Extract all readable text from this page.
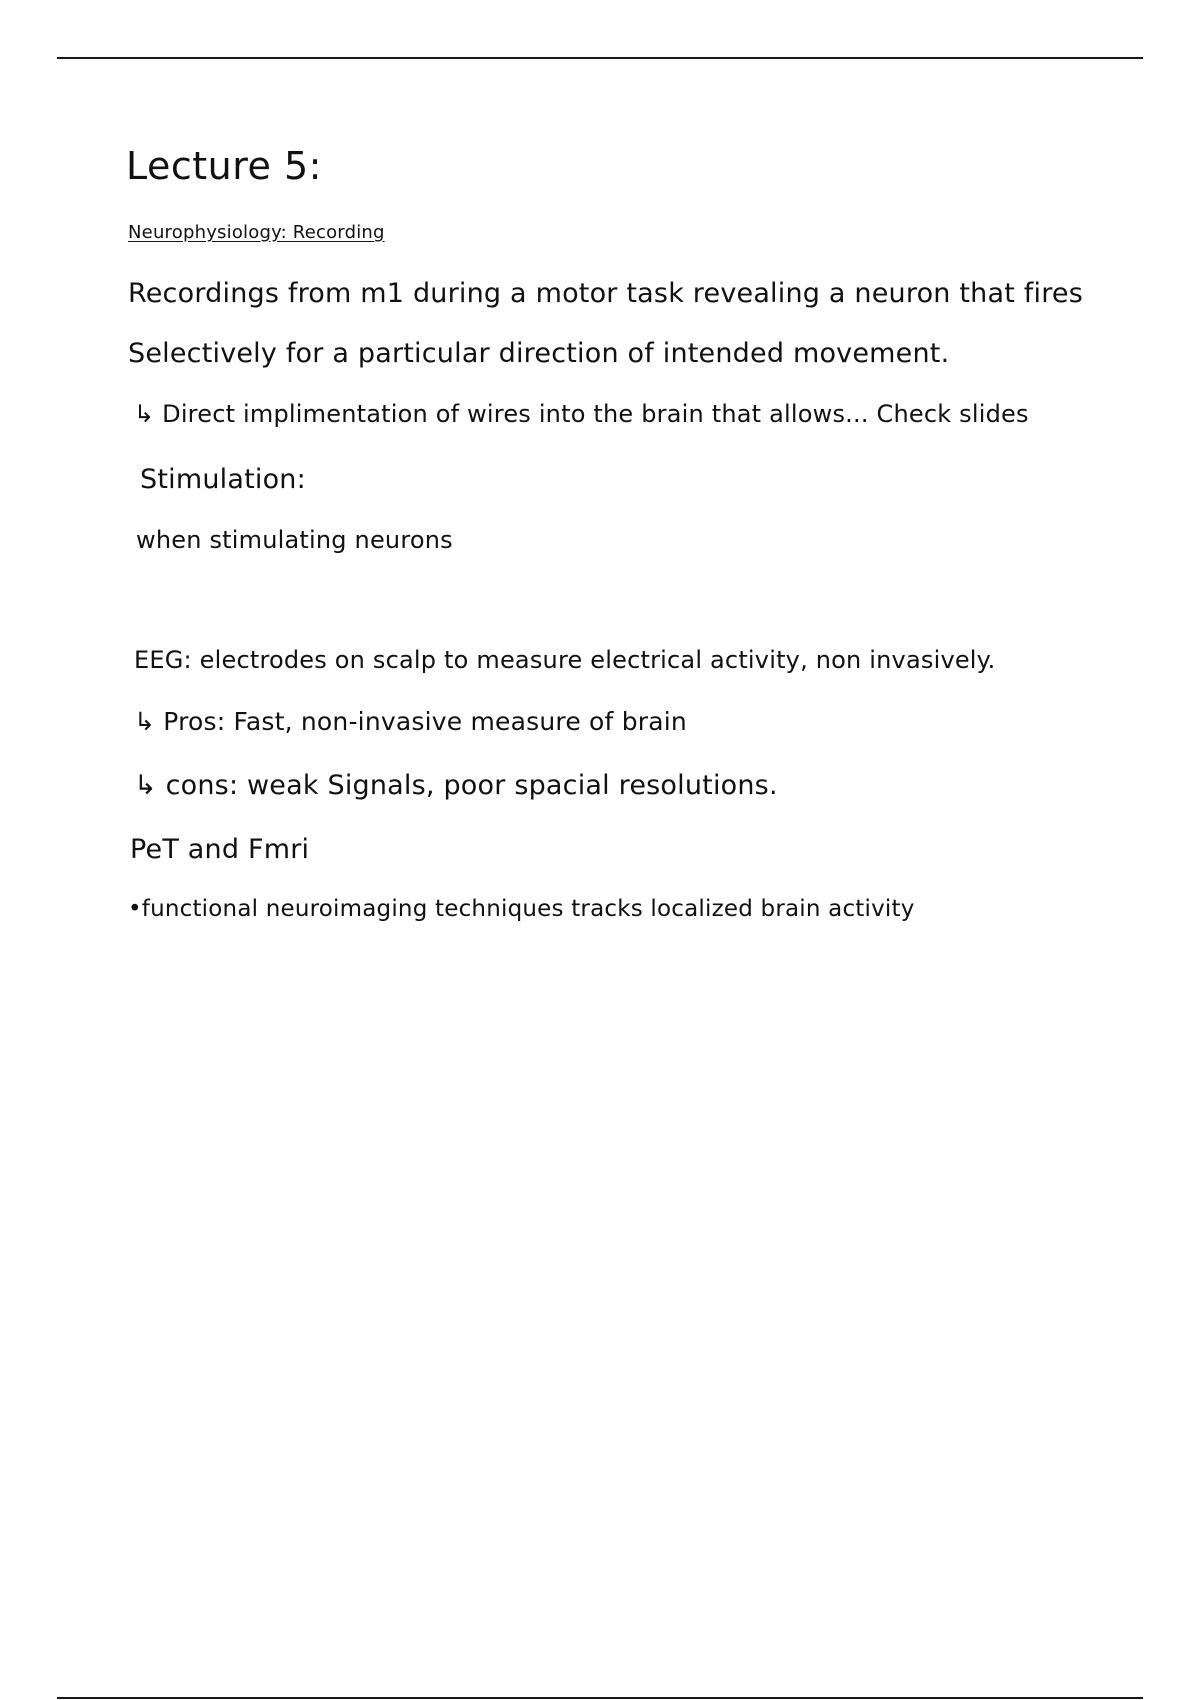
Lecture 5:
Neurophysiology: Recording
Recordings from m1 during a motor task revealing a neuron that fires
Selectively for a particular direction of intended movement.
↳ Direct implimentation of wires into the brain that allows... Check slides
Stimulation:
when stimulating neurons
EEG: electrodes on scalp to measure electrical activity, non invasively.
↳ Pros: Fast, non-invasive measure of brain
↳ cons: weak Signals, poor spacial resolutions.
PeT and Fmri
•functional neuroimaging techniques tracks localized brain activity
